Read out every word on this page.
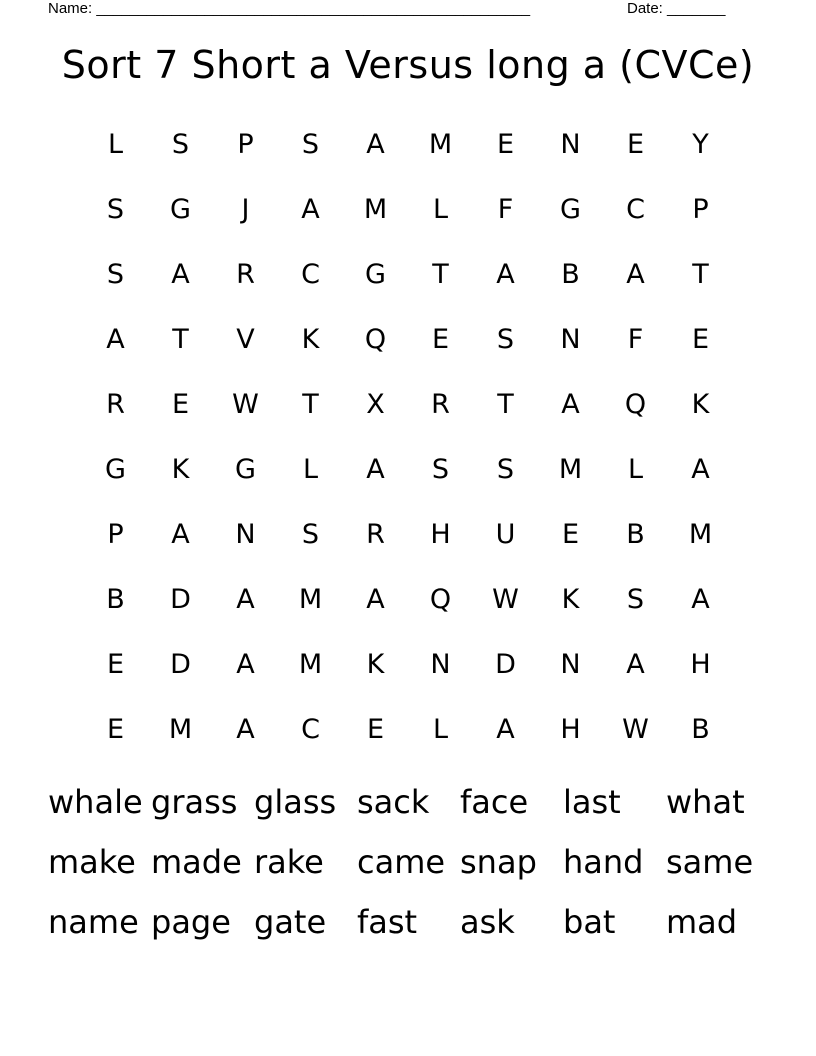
Name: ____________________________________________________	Date: _______
Sort 7 Short a Versus long a (CVCe)
L	S	P	S	A	M	E	N	E	Y
S	G	J	A	M	L	F	G	C	P
S	A	R	C	G	T	A	B	A	T
A	T	V	K	Q	E	S	N	F	E
R	E	W	T	X	R	T	A	Q	K
G	K	G	L	A	S	S	M	L	A
P	A	N	S	R	H	U	E	B	M
B	D	A	M	A	Q	W	K	S	A
E	D	A	M	K	N	D	N	A	H
E	M	A	C	E	L	A	H	W	B
whale grass glass sack face	last	what
make made rake	came snap hand same
name page gate fast	ask	bat	mad
